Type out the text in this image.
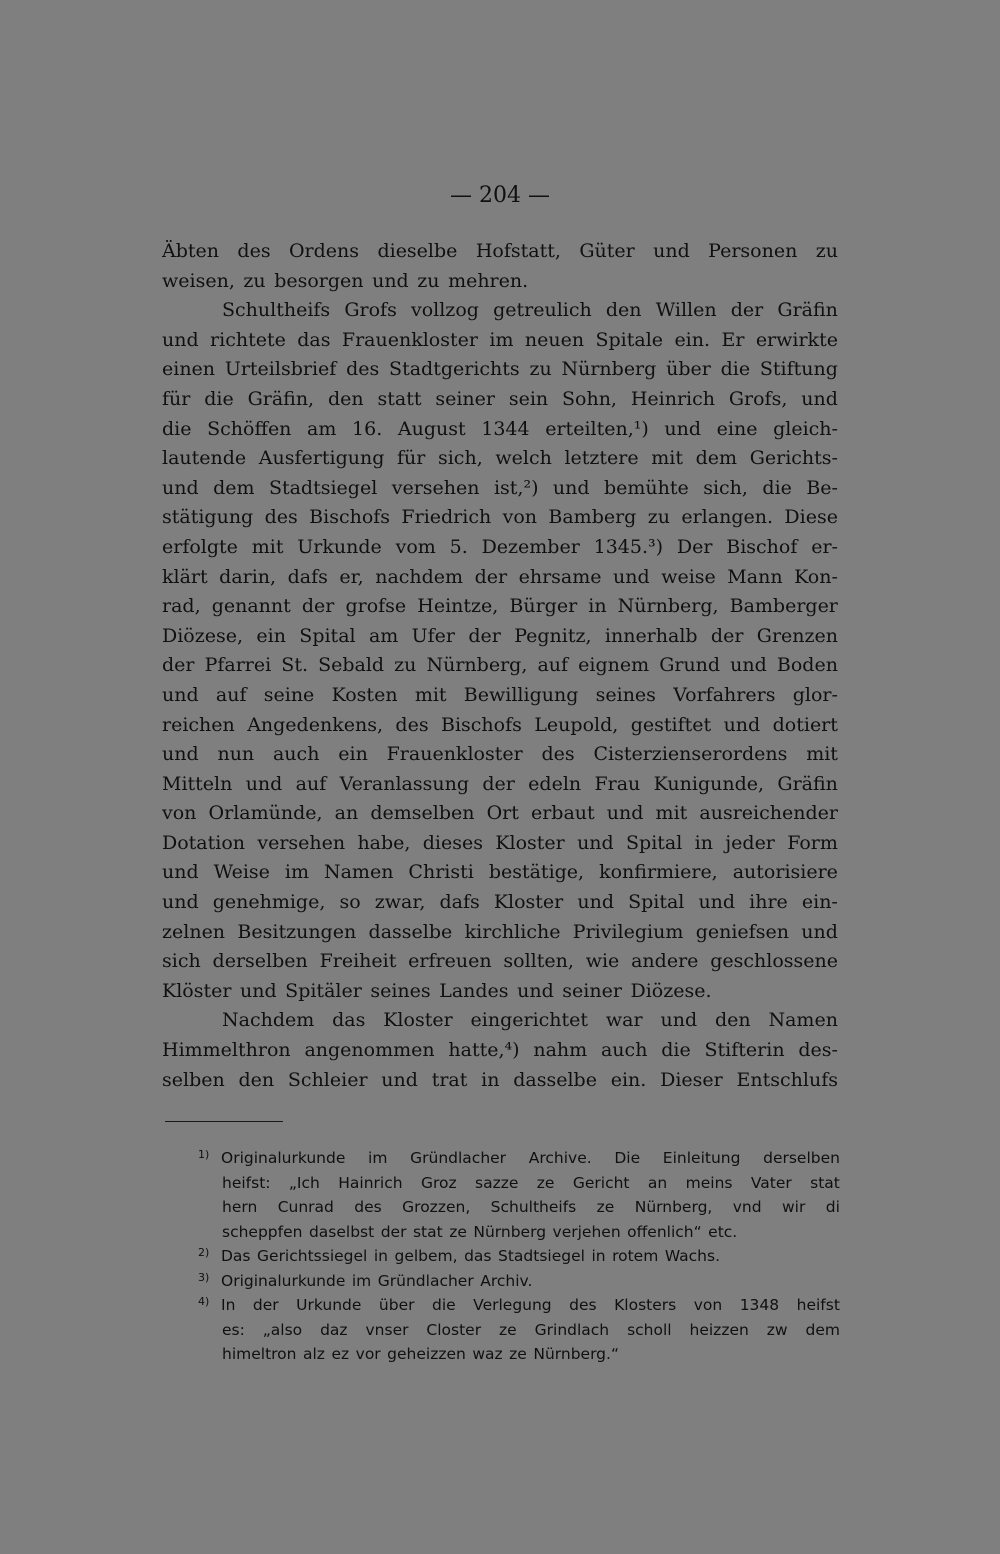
— 204 —
Äbten des Ordens dieselbe Hofstatt, Güter und Personen zu
weisen, zu besorgen und zu mehren.
Schultheifs Grofs vollzog getreulich den Willen der Gräfin
und richtete das Frauenkloster im neuen Spitale ein. Er erwirkte
einen Urteilsbrief des Stadtgerichts zu Nürnberg über die Stiftung
für die Gräfin, den statt seiner sein Sohn, Heinrich Grofs, und
die Schöffen am 16. August 1344 erteilten,¹) und eine gleich-
lautende Ausfertigung für sich, welch letztere mit dem Gerichts-
und dem Stadtsiegel versehen ist,²) und bemühte sich, die Be-
stätigung des Bischofs Friedrich von Bamberg zu erlangen. Diese
erfolgte mit Urkunde vom 5. Dezember 1345.³) Der Bischof er-
klärt darin, dafs er, nachdem der ehrsame und weise Mann Kon-
rad, genannt der grofse Heintze, Bürger in Nürnberg, Bamberger
Diözese, ein Spital am Ufer der Pegnitz, innerhalb der Grenzen
der Pfarrei St. Sebald zu Nürnberg, auf eignem Grund und Boden
und auf seine Kosten mit Bewilligung seines Vorfahrers glor-
reichen Angedenkens, des Bischofs Leupold, gestiftet und dotiert
und nun auch ein Frauenkloster des Cisterzienserordens mit
Mitteln und auf Veranlassung der edeln Frau Kunigunde, Gräfin
von Orlamünde, an demselben Ort erbaut und mit ausreichender
Dotation versehen habe, dieses Kloster und Spital in jeder Form
und Weise im Namen Christi bestätige, konfirmiere, autorisiere
und genehmige, so zwar, dafs Kloster und Spital und ihre ein-
zelnen Besitzungen dasselbe kirchliche Privilegium geniefsen und
sich derselben Freiheit erfreuen sollten, wie andere geschlossene
Klöster und Spitäler seines Landes und seiner Diözese.
Nachdem das Kloster eingerichtet war und den Namen
Himmelthron angenommen hatte,⁴) nahm auch die Stifterin des-
selben den Schleier und trat in dasselbe ein. Dieser Entschlufs
1) Originalurkunde im Gründlacher Archive. Die Einleitung derselben
heifst: „Ich Hainrich Groz sazze ze Gericht an meins Vater stat
hern Cunrad des Grozzen, Schultheifs ze Nürnberg, vnd wir di
scheppfen daselbst der stat ze Nürnberg verjehen offenlich“ etc.
2) Das Gerichtssiegel in gelbem, das Stadtsiegel in rotem Wachs.
3) Originalurkunde im Gründlacher Archiv.
4) In der Urkunde über die Verlegung des Klosters von 1348 heifst
es: „also daz vnser Closter ze Grindlach scholl heizzen zw dem
himeltron alz ez vor geheizzen waz ze Nürnberg.“
